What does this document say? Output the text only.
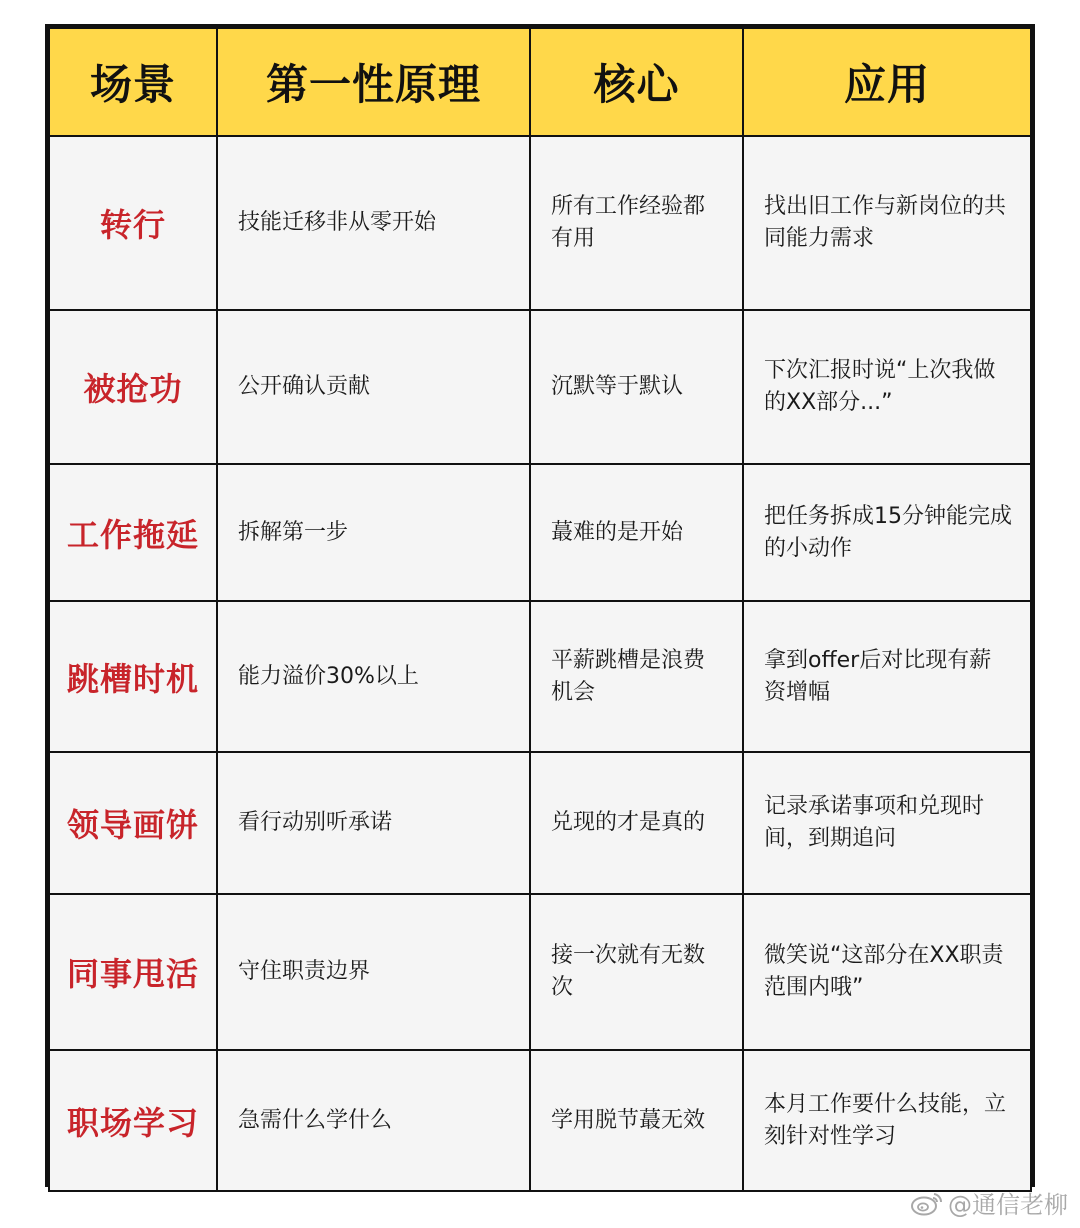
场景	第一性原理	核心	应用
转行	技能迁移非从零开始	所有工作经验都有用	找出旧工作与新岗位的共同能力需求
被抢功	公开确认贡献	沉默等于默认	下次汇报时说“上次我做的XX部分...”
工作拖延	拆解第一步	蕞难的是开始	把任务拆成15分钟能完成的小动作
跳槽时机	能力溢价30%以上	平薪跳槽是浪费机会	拿到offer后对比现有薪资增幅
领导画饼	看行动别听承诺	兑现的才是真的	记录承诺事项和兑现时间，到期追问
同事甩活	守住职责边界	接一次就有无数次	微笑说“这部分在XX职责范围内哦”
职场学习	急需什么学什么	学用脱节蕞无效	本月工作要什么技能，立刻针对性学习
@通信老柳
